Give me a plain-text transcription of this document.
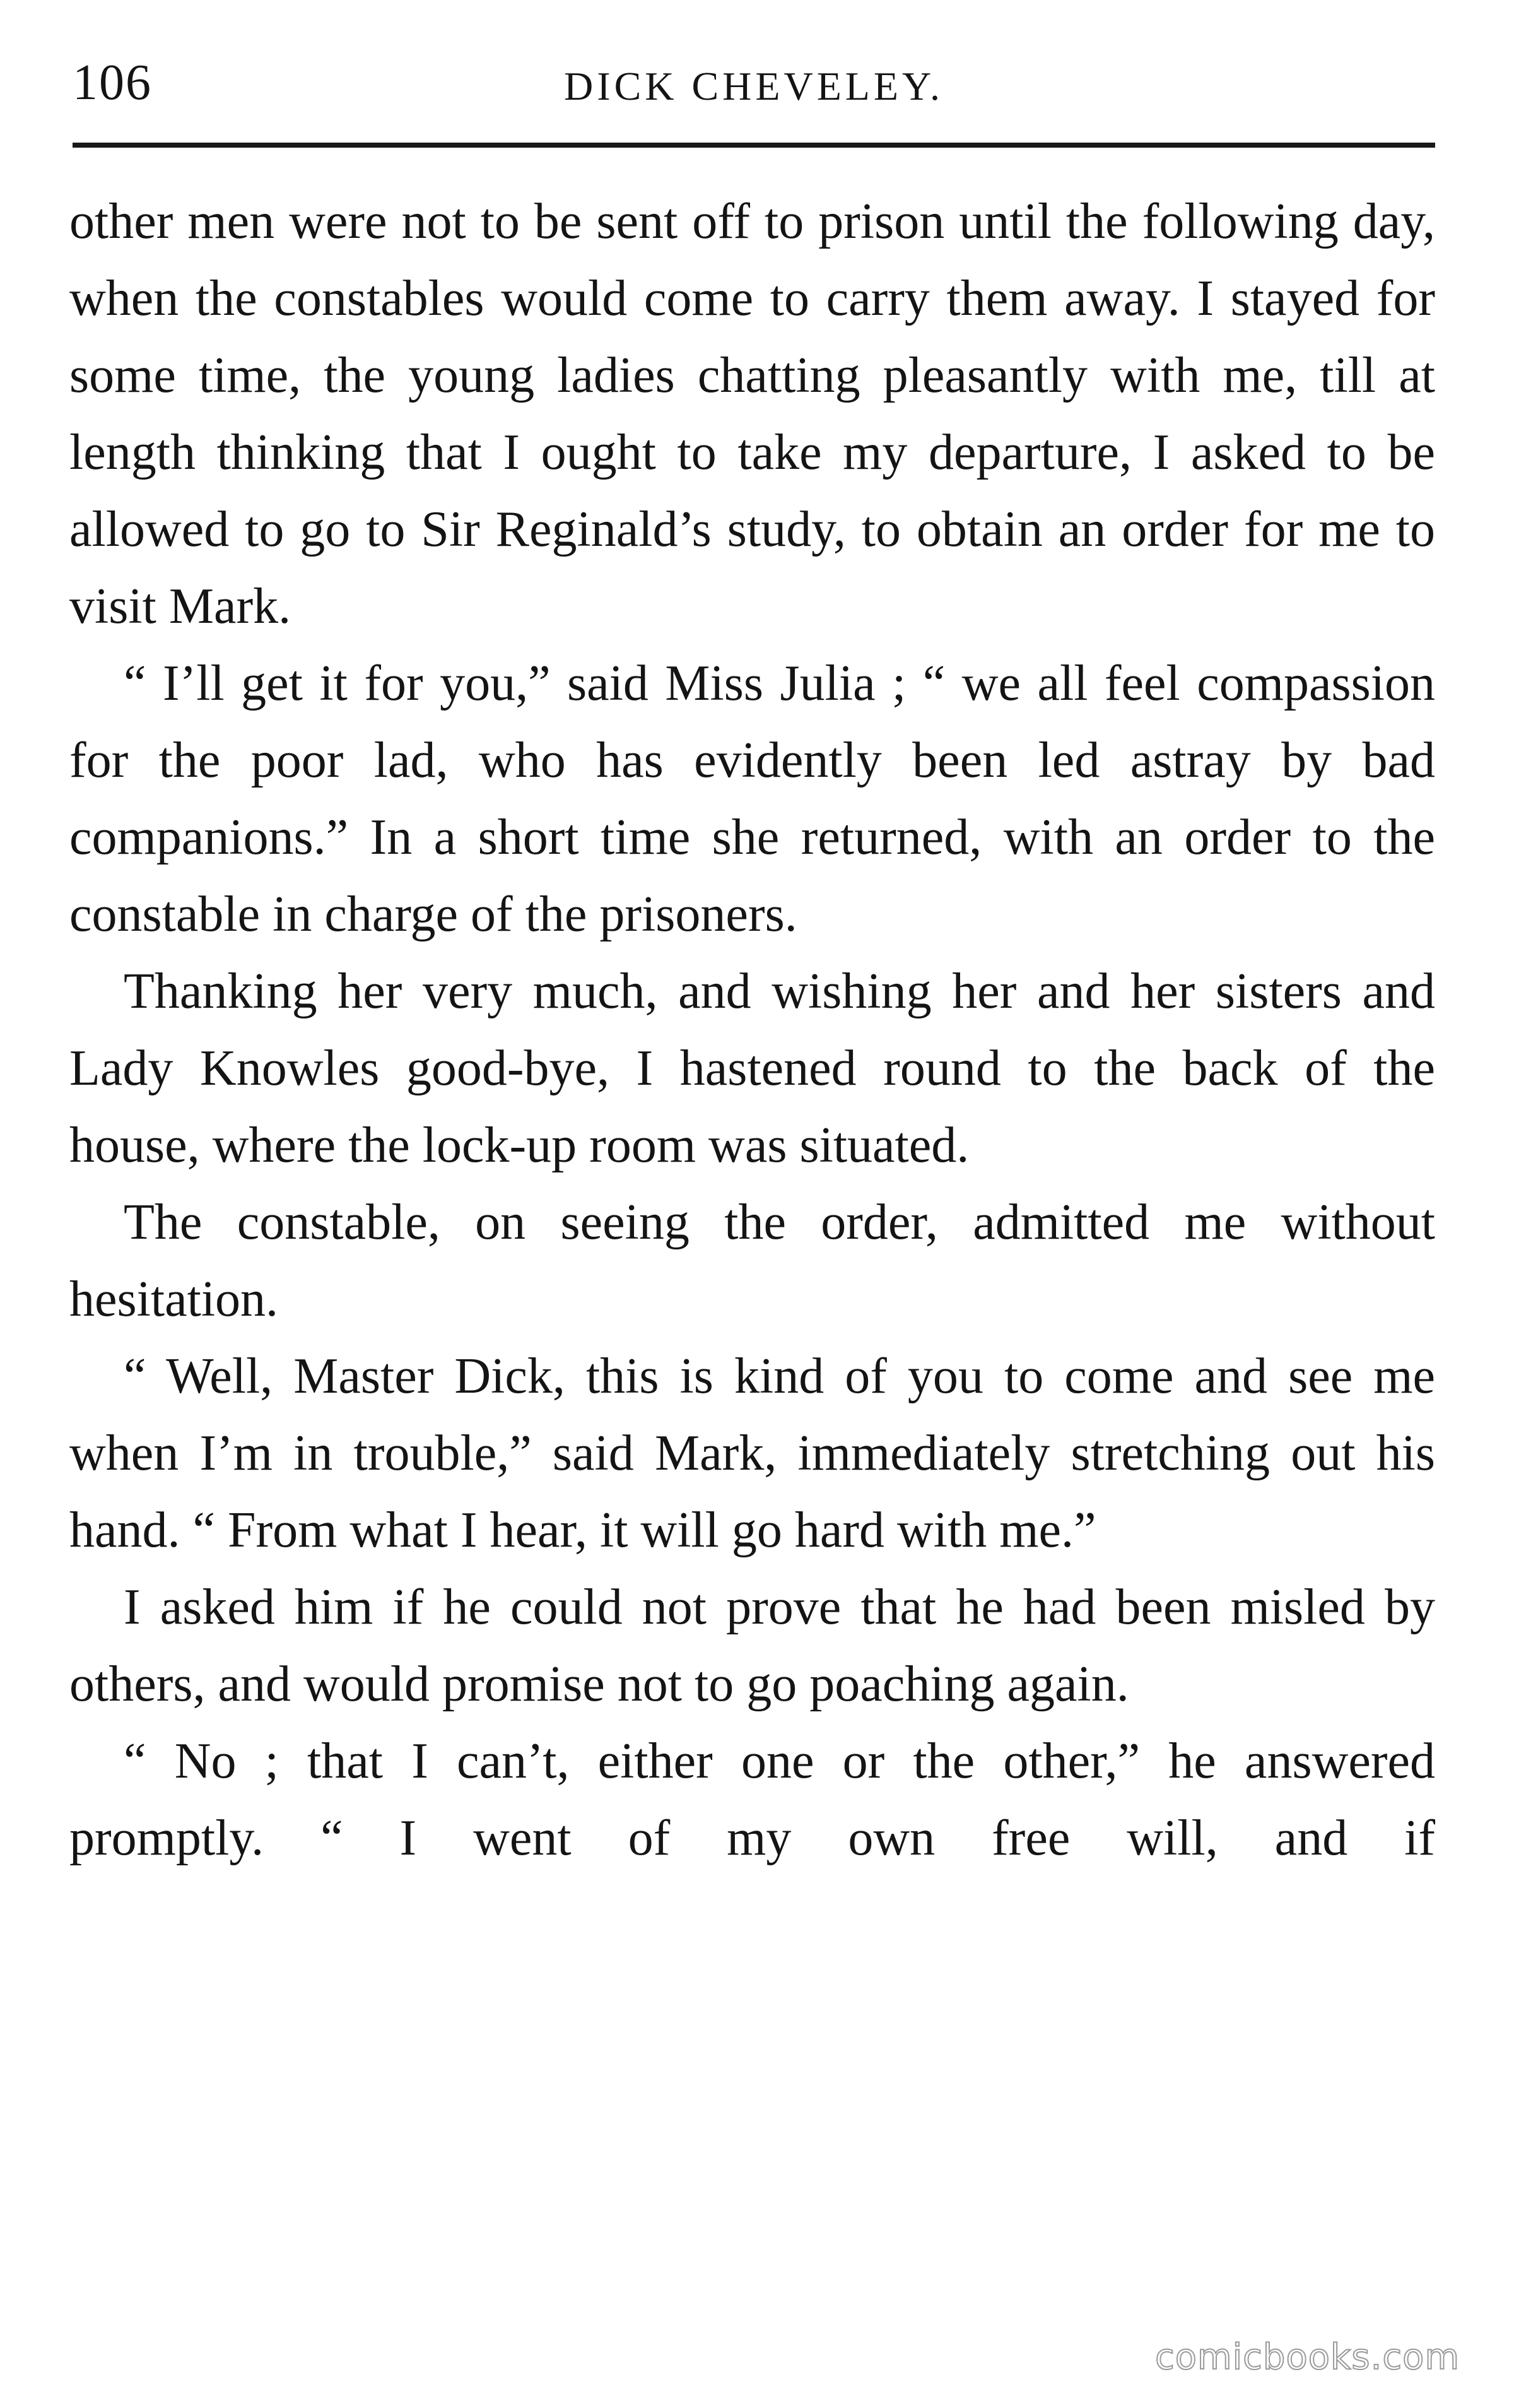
106	DICK CHEVELEY.

other men were not to be sent off to prison until the following day, when the constables would come to carry them away. I stayed for some time, the young ladies chatting pleasantly with me, till at length thinking that I ought to take my departure, I asked to be allowed to go to Sir Reginald’s study, to obtain an order for me to visit Mark.

“ I’ll get it for you,” said Miss Julia ; “ we all feel compassion for the poor lad, who has evidently been led astray by bad companions.” In a short time she returned, with an order to the constable in charge of the prisoners.

Thanking her very much, and wishing her and her sisters and Lady Knowles good-bye, I hastened round to the back of the house, where the lock-up room was situated.

The constable, on seeing the order, admitted me without hesitation.

“ Well, Master Dick, this is kind of you to come and see me when I’m in trouble,” said Mark, immediately stretching out his hand. “ From what I hear, it will go hard with me.”

I asked him if he could not prove that he had been misled by others, and would promise not to go poaching again.

“ No ; that I can’t, either one or the other,” he answered promptly. “ I went of my own free will, and if

comicbooks.com
